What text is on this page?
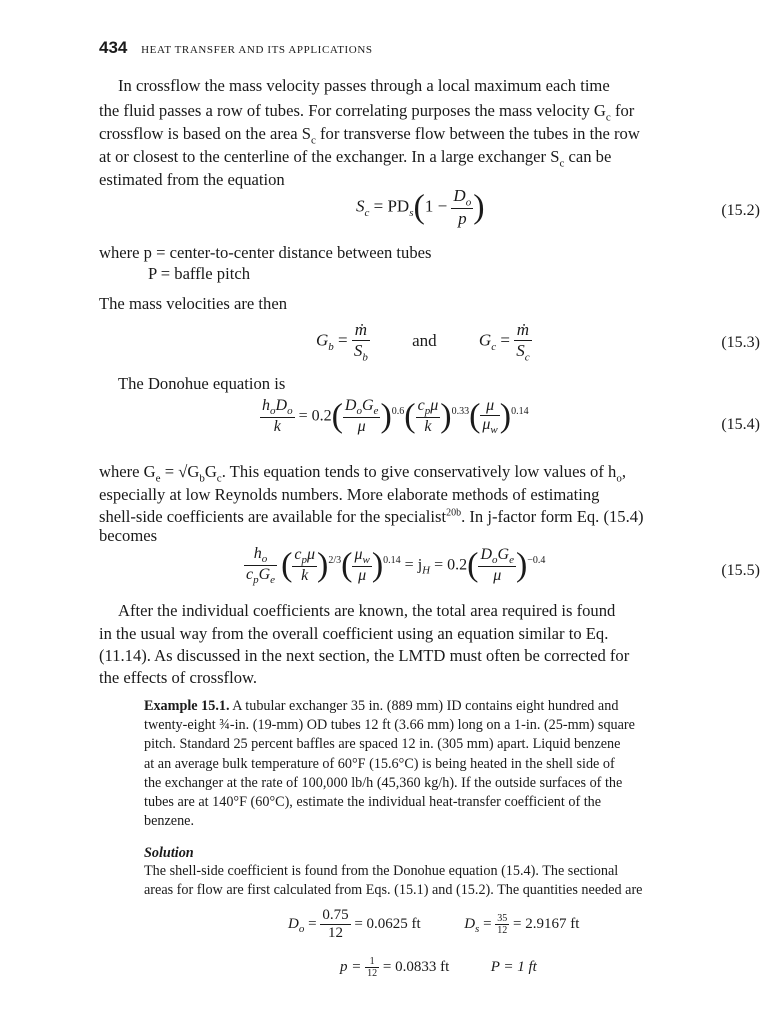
434 HEAT TRANSFER AND ITS APPLICATIONS
In crossflow the mass velocity passes through a local maximum each time
the fluid passes a row of tubes. For correlating purposes the mass velocity $G_c$ for
crossflow is based on the area $S_c$ for transverse flow between the tubes in the row
at or closest to the centerline of the exchanger. In a large exchanger $S_c$ can be
estimated from the equation
$S_c = PD_s(1 - \frac{D_o}{p}$ )	(15.2)
where p = center-to-center distance between tubes
P = baffle pitch
The mass velocities are then
$G_b = \frac{\text{ṁ}}{S_b}$ and $G_c = \frac{\text{ṁ}}{S_c}$	(15.3)
The Donohue equation is
$\frac{h_oD_o}{k} = 0.2( \frac{D_oG_e}{\mu} )^{0.6}( \frac{c_p\mu}{k} )^{0.33}( \frac{\mu}{\mu_w} )^{0.14}$
(15.4)
where $G_e = √G_bG_c$. This equation tends to give conservatively low values of $h_o$,
especially at low Reynolds numbers. More elaborate methods of estimating
shell-side coefficients are available for the specialist$^{20b}$. In j-factor form Eq. (15.4)
becomes
$\frac{h_o}{c_pG_e}$ ( $\frac{c_p\mu}{k} )^{2/3}( \frac{\mu_w}{\mu} )^{0.14} = j_H = 0.2( \frac{D_oG_e}{\mu} )^{-0.4}$
(15.5)
After the individual coefficients are known, the total area required is found
in the usual way from the overall coefficient using an equation similar to Eq.
(11.14). As discussed in the next section, the LMTD must often be corrected for
the effects of crossflow.
Example 15.1. A tubular exchanger 35 in. (889 mm) ID contains eight hundred and
twenty-eight ¾-in. (19-mm) OD tubes 12 ft (3.66 mm) long on a 1-in. (25-mm) square
pitch. Standard 25 percent baffles are spaced 12 in. (305 mm) apart. Liquid benzene
at an average bulk temperature of 60°F (15.6°C) is being heated in the shell side of
the exchanger at the rate of 100,000 lb/h (45,360 kg/h). If the outside surfaces of the
tubes are at 140°F (60°C), estimate the individual heat-transfer coefficient of the
benzene.
Solution
The shell-side coefficient is found from the Donohue equation (15.4). The sectional
areas for flow are first calculated from Eqs. (15.1) and (15.2). The quantities needed are
$D_o = \frac{0.75}{12} = 0.0625$ ft	$D_s = \frac{35}{12} = 2.9167$ ft
$p = \frac{1}{12} = 0.0833$ ft	P = 1 ft
